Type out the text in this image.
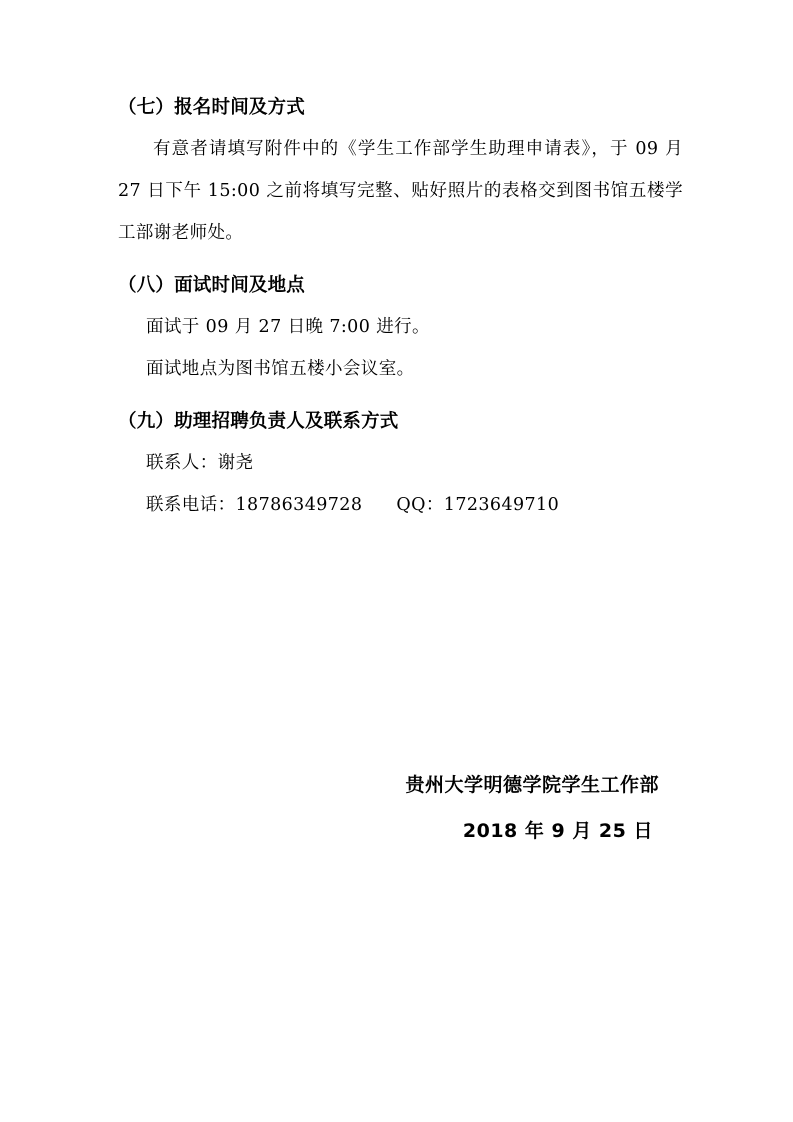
（七）报名时间及方式

有意者请填写附件中的《学生工作部学生助理申请表》，于 09 月 27 日下午 15:00 之前将填写完整、贴好照片的表格交到图书馆五楼学工部谢老师处。

（八）面试时间及地点

面试于 09 月 27 日晚 7:00 进行。

面试地点为图书馆五楼小会议室。

（九）助理招聘负责人及联系方式

联系人：谢尧

联系电话：18786349728 QQ：1723649710

贵州大学明德学院学生工作部

2018 年 9 月 25 日
